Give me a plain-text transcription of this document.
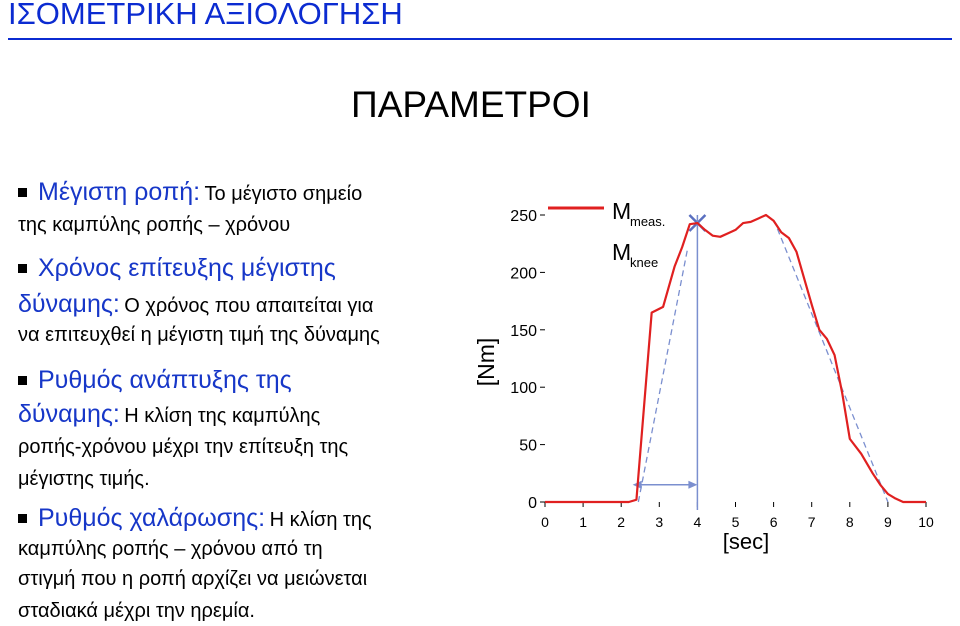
ΙΣΟΜΕΤΡΙΚΗ ΑΞΙΟΛΟΓΗΣΗ
ΠΑΡΑΜΕΤΡΟΙ
Μέγιστη ροπή: Το μέγιστο σημείο
της καμπύλης ροπής – χρόνου
Χρόνος επίτευξης μέγιστης
δύναμης: Ο χρόνος που απαιτείται για
να επιτευχθεί η μέγιστη τιμή της δύναμης
Ρυθμός ανάπτυξης της
δύναμης: Η κλίση της καμπύλης
ροπής-χρόνου μέχρι την επίτευξη της
μέγιστης τιμής.
Ρυθμός χαλάρωσης: Η κλίση της
καμπύλης ροπής – χρόνου από τη
στιγμή που η ροπή αρχίζει να μειώνεται
σταδιακά μέχρι την ηρεμία.
[Nm]
[sec]
M
meas.
M
knee
0 1 2 3 4 5 6 7 8 9 10
0
50
100
150
200
250
